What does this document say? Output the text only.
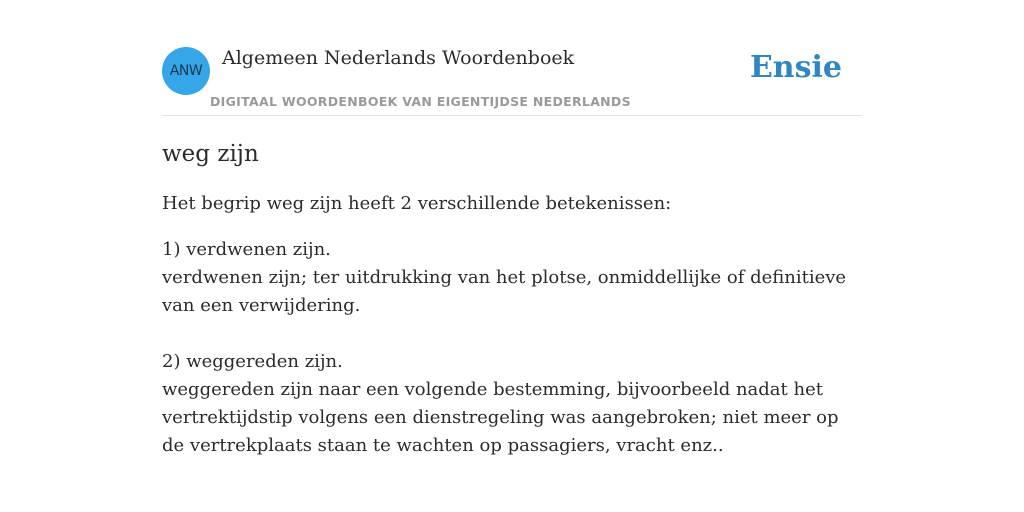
ANW
Algemeen Nederlands Woordenboek
DIGITAAL WOORDENBOEK VAN EIGENTIJDSE NEDERLANDS
Ensie
weg zijn

Het begrip weg zijn heeft 2 verschillende betekenissen:

1) verdwenen zijn.
verdwenen zijn; ter uitdrukking van het plotse, onmiddellijke of definitieve van een verwijdering.
2) weggereden zijn.
weggereden zijn naar een volgende bestemming, bijvoorbeeld nadat het vertrektijdstip volgens een dienstregeling was aangebroken; niet meer op de vertrekplaats staan te wachten op passagiers, vracht enz..
